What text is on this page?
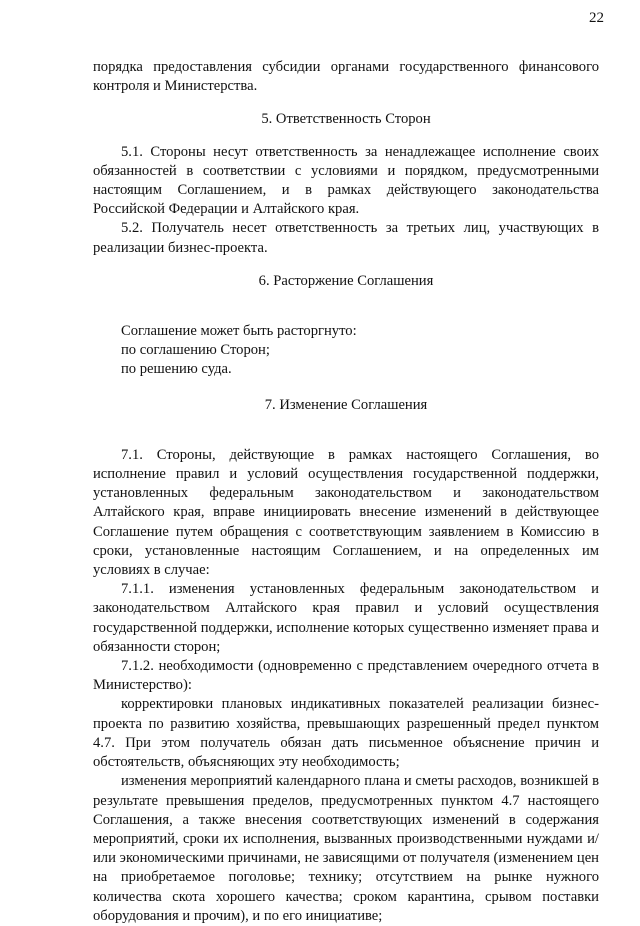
22

порядка предоставления субсидии органами государственного финансового контроля и Министерства.

5. Ответственность Сторон

5.1. Стороны несут ответственность за ненадлежащее исполнение своих обязанностей в соответствии с условиями и порядком, предусмотренными настоящим Соглашением, и в рамках действующего законодательства Российской Федерации и Алтайского края.

5.2. Получатель несет ответственность за третьих лиц, участвующих в реализации бизнес-проекта.

6. Расторжение Соглашения

Соглашение может быть расторгнуто:

по соглашению Сторон;

по решению суда.

7. Изменение Соглашения

7.1. Стороны, действующие в рамках настоящего Соглашения, во исполнение правил и условий осуществления государственной поддержки, установленных федеральным законодательством и законодательством Алтайского края, вправе инициировать внесение изменений в действующее Соглашение путем обращения с соответствующим заявлением в Комиссию в сроки, установленные настоящим Соглашением, и на определенных им условиях в случае:

7.1.1. изменения установленных федеральным законодательством и законодательством Алтайского края правил и условий осуществления государственной поддержки, исполнение которых существенно изменяет права и обязанности сторон;

7.1.2. необходимости (одновременно с представлением очередного отчета в Министерство):

корректировки плановых индикативных показателей реализации бизнес-проекта по развитию хозяйства, превышающих разрешенный предел пунктом 4.7. При этом получатель обязан дать письменное объяснение причин и обстоятельств, объясняющих эту необходимость;

изменения мероприятий календарного плана и сметы расходов, возникшей в результате превышения пределов, предусмотренных пунктом 4.7 настоящего Соглашения, а также внесения соответствующих изменений в содержания мероприятий, сроки их исполнения, вызванных производственными нуждами и/или экономическими причинами, не зависящими от получателя (изменением цен на приобретаемое поголовье; технику; отсутствием на рынке нужного количества скота хорошего качества; сроком карантина, срывом поставки оборудования и прочим), и по его инициативе;
